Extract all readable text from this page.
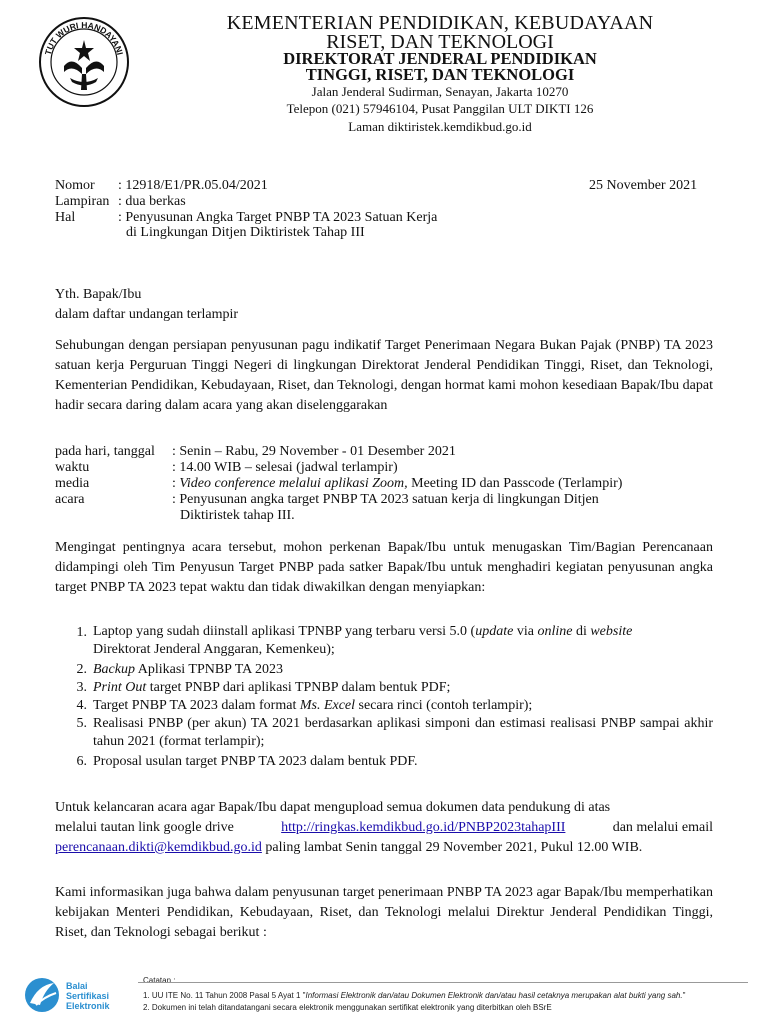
TUT WURI HANDAYANI
KEMENTERIAN PENDIDIKAN, KEBUDAYAAN
RISET, DAN TEKNOLOGI
DIREKTORAT JENDERAL PENDIDIKAN
TINGGI, RISET, DAN TEKNOLOGI
Jalan Jenderal Sudirman, Senayan, Jakarta 10270
Telepon (021) 57946104, Pusat Panggilan ULT DIKTI 126
Laman diktiristek.kemdikbud.go.id
Nomor : 12918/E1/PR.05.04/2021	25 November 2021
Lampiran : dua berkas
Hal	: Penyusunan Angka Target PNBP TA 2023 Satuan Kerja
di Lingkungan Ditjen Diktiristek Tahap III
Yth. Bapak/Ibu
dalam daftar undangan terlampir
Sehubungan dengan persiapan penyusunan pagu indikatif Target Penerimaan Negara Bukan Pajak (PNBP) TA 2023 satuan kerja Perguruan Tinggi Negeri di lingkungan Direktorat Jenderal Pendidikan Tinggi, Riset, dan Teknologi, Kementerian Pendidikan, Kebudayaan, Riset, dan Teknologi, dengan hormat kami mohon kesediaan Bapak/Ibu dapat hadir secara daring dalam acara yang akan diselenggarakan
pada hari, tanggal : Senin – Rabu, 29 November - 01 Desember 2021
waktu	: 14.00 WIB – selesai (jadwal terlampir)
media	: Video conference melalui aplikasi Zoom, Meeting ID dan Passcode (Terlampir)
acara	: Penyusunan angka target PNBP TA 2023 satuan kerja di lingkungan Ditjen
Diktiristek tahap III.
Mengingat pentingnya acara tersebut, mohon perkenan Bapak/Ibu untuk menugaskan Tim/Bagian Perencanaan didampingi oleh Tim Penyusun Target PNBP pada satker Bapak/Ibu untuk menghadiri kegiatan penyusunan angka target PNBP TA 2023 tepat waktu dan tidak diwakilkan dengan menyiapkan:
1. Laptop yang sudah diinstall aplikasi TPNBP yang terbaru versi 5.0 (update via online di website
Direktorat Jenderal Anggaran, Kemenkeu);
2. Backup Aplikasi TPNBP TA 2023
3. Print Out target PNBP dari aplikasi TPNBP dalam bentuk PDF;
4. Target PNBP TA 2023 dalam format Ms. Excel secara rinci (contoh terlampir);
5. Realisasi PNBP (per akun) TA 2021 berdasarkan aplikasi simponi dan estimasi realisasi PNBP sampai akhir tahun 2021 (format terlampir);
6. Proposal usulan target PNBP TA 2023 dalam bentuk PDF.
Untuk kelancaran acara agar Bapak/Ibu dapat mengupload semua dokumen data pendukung di atas
melalui tautan link google drive	http://ringkas.kemdikbud.go.id/PNBP2023tahapIII	dan melalui email
perencanaan.dikti@kemdikbud.go.id paling lambat Senin tanggal 29 November 2021, Pukul 12.00 WIB.
Kami informasikan juga bahwa dalam penyusunan target penerimaan PNBP TA 2023 agar Bapak/Ibu memperhatikan kebijakan Menteri Pendidikan, Kebudayaan, Riset, dan Teknologi melalui Direktur Jenderal Pendidikan Tinggi, Riset, dan Teknologi sebagai berikut :
Balai
Sertifikasi
Elektronik
Catatan :
1. UU ITE No. 11 Tahun 2008 Pasal 5 Ayat 1 "Informasi Elektronik dan/atau Dokumen Elektronik dan/atau hasil cetaknya merupakan alat bukti yang sah."
2. Dokumen ini telah ditandatangani secara elektronik menggunakan sertifikat elektronik yang diterbitkan oleh BSrE
